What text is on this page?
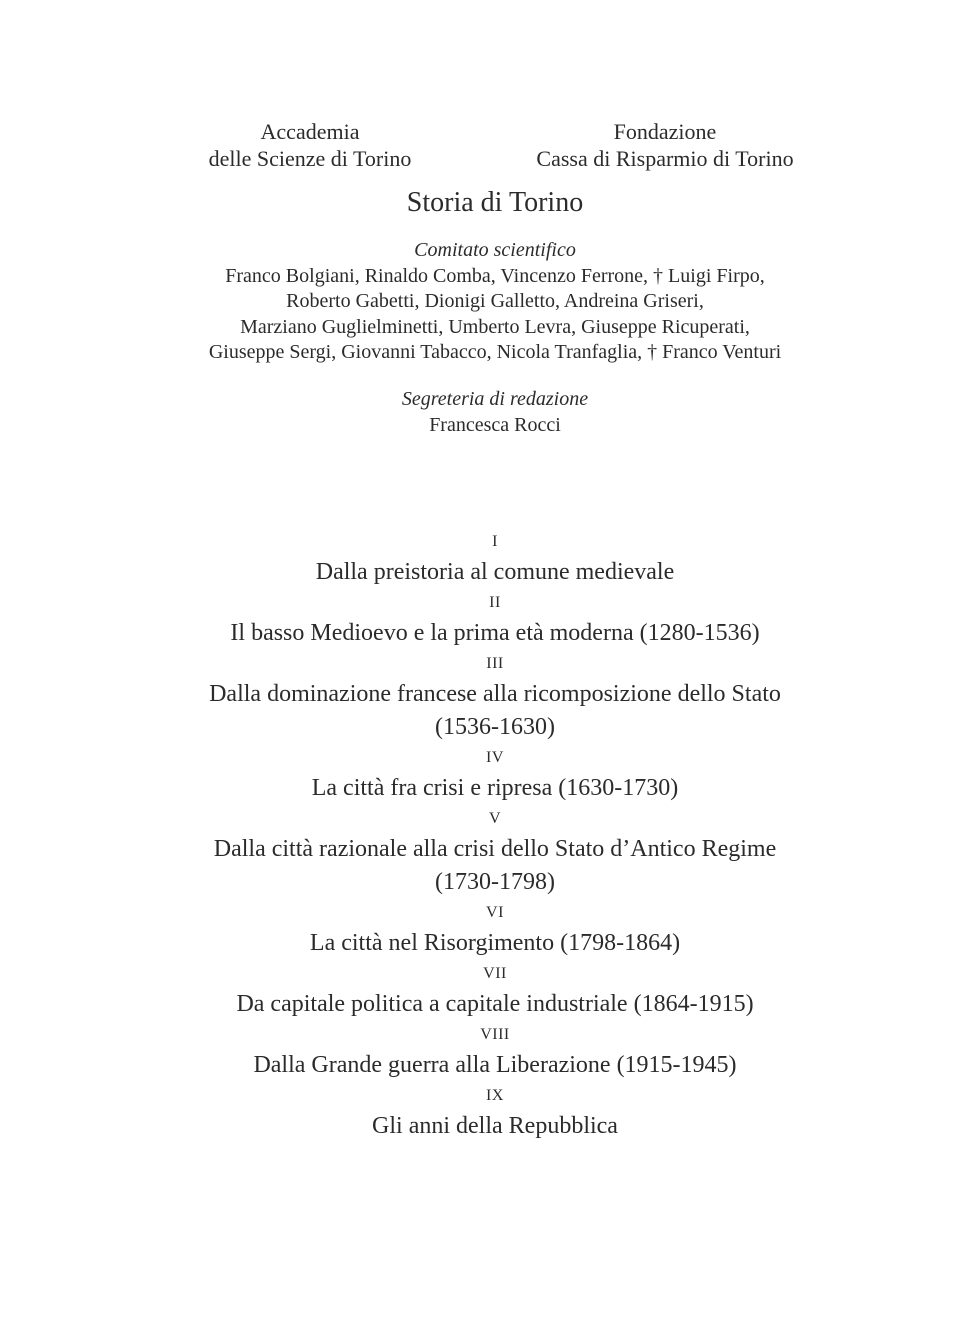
Accademia
delle Scienze di Torino
Fondazione
Cassa di Risparmio di Torino
Storia di Torino
Comitato scientifico
Franco Bolgiani, Rinaldo Comba, Vincenzo Ferrone, † Luigi Firpo,
Roberto Gabetti, Dionigi Galletto, Andreina Griseri,
Marziano Guglielminetti, Umberto Levra, Giuseppe Ricuperati,
Giuseppe Sergi, Giovanni Tabacco, Nicola Tranfaglia, † Franco Venturi
Segreteria di redazione
Francesca Rocci
I
Dalla preistoria al comune medievale
II
Il basso Medioevo e la prima età moderna (1280-1536)
III
Dalla dominazione francese alla ricomposizione dello Stato
(1536-1630)
IV
La città fra crisi e ripresa (1630-1730)
V
Dalla città razionale alla crisi dello Stato d’Antico Regime
(1730-1798)
VI
La città nel Risorgimento (1798-1864)
VII
Da capitale politica a capitale industriale (1864-1915)
VIII
Dalla Grande guerra alla Liberazione (1915-1945)
IX
Gli anni della Repubblica
